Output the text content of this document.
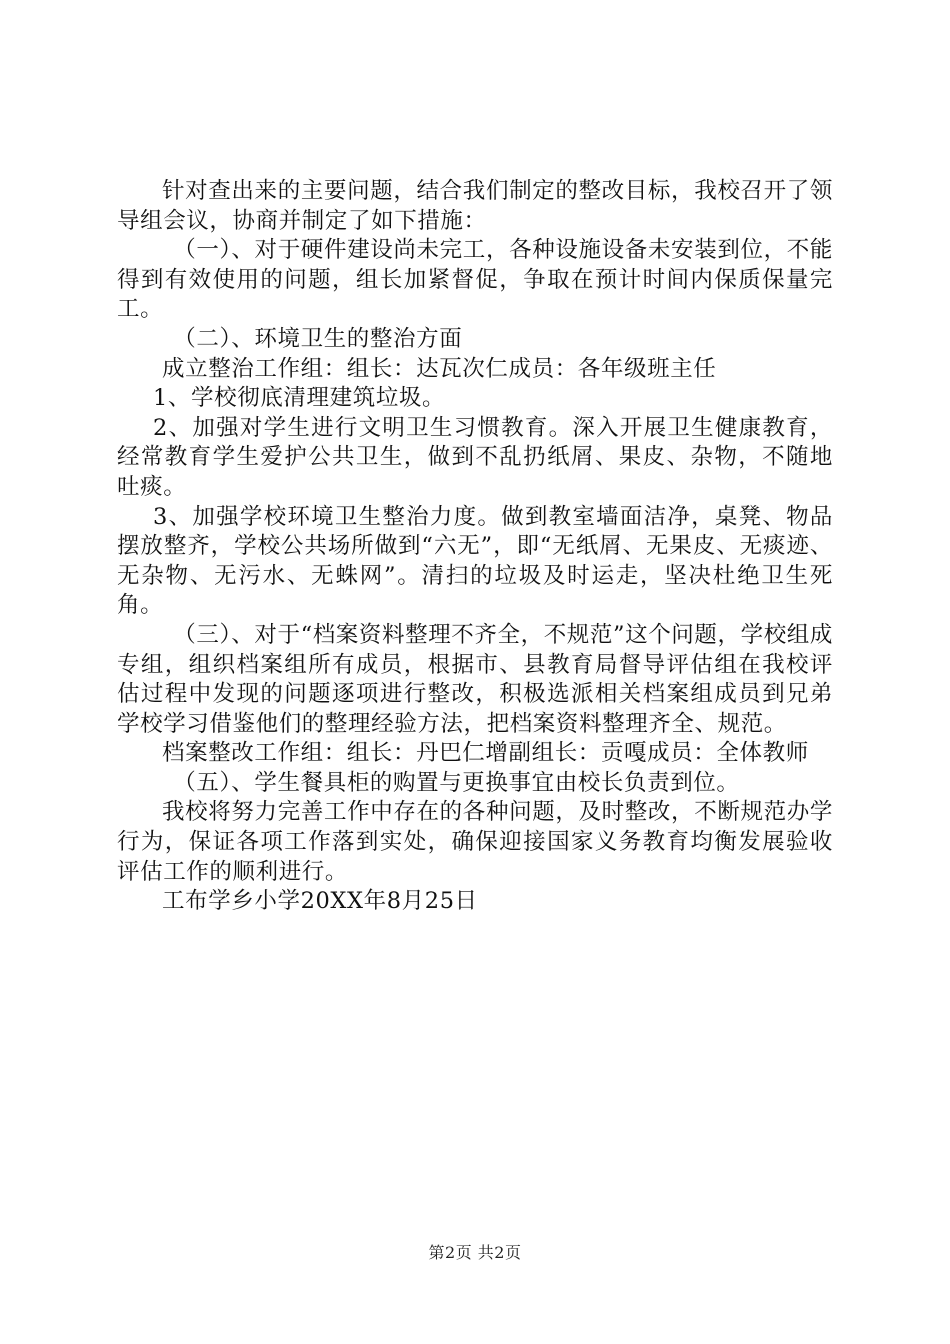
针对查出来的主要问题，结合我们制定的整改目标，我校召开了领导组会议，协商并制定了如下措施：

（一）、对于硬件建设尚未完工，各种设施设备未安装到位，不能得到有效使用的问题，组长加紧督促，争取在预计时间内保质保量完工。

（二）、环境卫生的整治方面

成立整治工作组：组长：达瓦次仁成员：各年级班主任

1、学校彻底清理建筑垃圾。

2、加强对学生进行文明卫生习惯教育。深入开展卫生健康教育，经常教育学生爱护公共卫生，做到不乱扔纸屑、果皮、杂物，不随地吐痰。

3、加强学校环境卫生整治力度。做到教室墙面洁净，桌凳、物品摆放整齐，学校公共场所做到“六无”，即“无纸屑、无果皮、无痰迹、无杂物、无污水、无蛛网”。清扫的垃圾及时运走，坚决杜绝卫生死角。

（三）、对于“档案资料整理不齐全，不规范”这个问题，学校组成专组，组织档案组所有成员，根据市、县教育局督导评估组在我校评估过程中发现的问题逐项进行整改，积极选派相关档案组成员到兄弟学校学习借鉴他们的整理经验方法，把档案资料整理齐全、规范。

档案整改工作组：组长：丹巴仁增副组长：贡嘎成员：全体教师

（五）、学生餐具柜的购置与更换事宜由校长负责到位。

我校将努力完善工作中存在的各种问题，及时整改，不断规范办学行为，保证各项工作落到实处，确保迎接国家义务教育均衡发展验收评估工作的顺利进行。

工布学乡小学20XX年8月25日

第2页 共2页
